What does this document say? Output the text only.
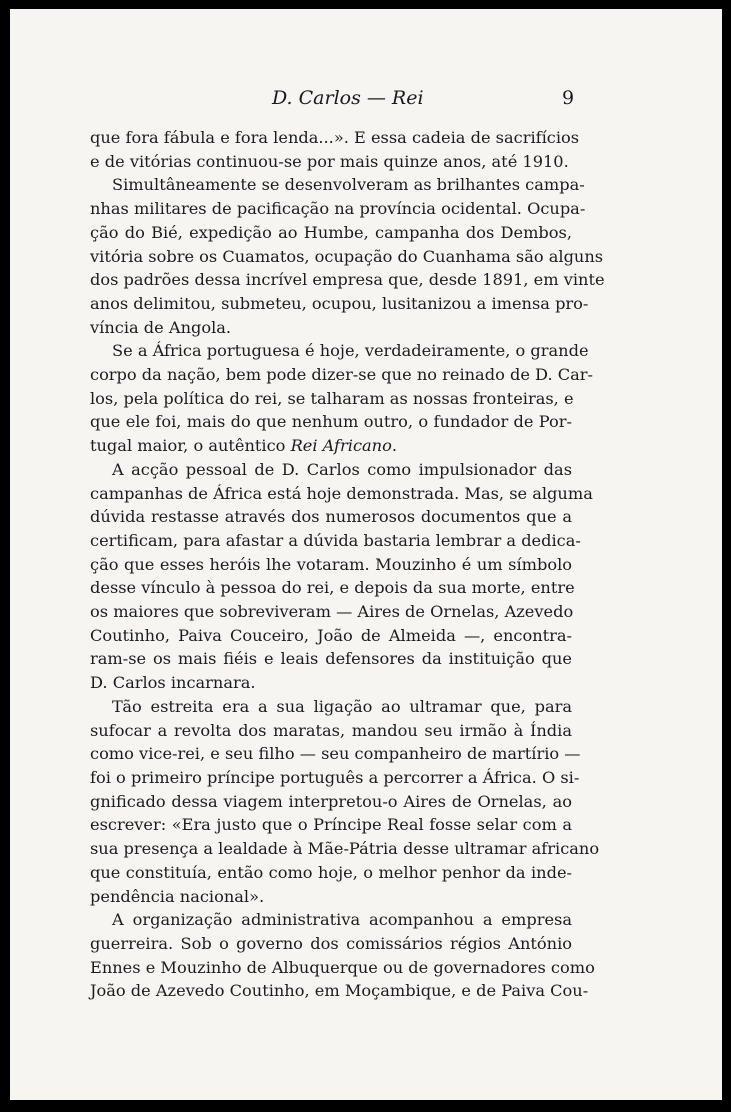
D. Carlos — Rei	9
que fora fábula e fora lenda...». E essa cadeia de sacrifícios
e de vitórias continuou-se por mais quinze anos, até 1910.
Simultâneamente se desenvolveram as brilhantes campa-
nhas militares de pacificação na província ocidental. Ocupa-
ção do Bié, expedição ao Humbe, campanha dos Dembos,
vitória sobre os Cuamatos, ocupação do Cuanhama são alguns
dos padrões dessa incrível empresa que, desde 1891, em vinte
anos delimitou, submeteu, ocupou, lusitanizou a imensa pro-
víncia de Angola.
Se a África portuguesa é hoje, verdadeiramente, o grande
corpo da nação, bem pode dizer-se que no reinado de D. Car-
los, pela política do rei, se talharam as nossas fronteiras, e
que ele foi, mais do que nenhum outro, o fundador de Por-
tugal maior, o autêntico Rei Africano.
A acção pessoal de D. Carlos como impulsionador das
campanhas de África está hoje demonstrada. Mas, se alguma
dúvida restasse através dos numerosos documentos que a
certificam, para afastar a dúvida bastaria lembrar a dedica-
ção que esses heróis lhe votaram. Mouzinho é um símbolo
desse vínculo à pessoa do rei, e depois da sua morte, entre
os maiores que sobreviveram — Aires de Ornelas, Azevedo
Coutinho, Paiva Couceiro, João de Almeida —, encontra-
ram-se os mais fiéis e leais defensores da instituição que
D. Carlos incarnara.
Tão estreita era a sua ligação ao ultramar que, para
sufocar a revolta dos maratas, mandou seu irmão à Índia
como vice-rei, e seu filho — seu companheiro de martírio —
foi o primeiro príncipe português a percorrer a África. O si-
gnificado dessa viagem interpretou-o Aires de Ornelas, ao
escrever: «Era justo que o Príncipe Real fosse selar com a
sua presença a lealdade à Mãe-Pátria desse ultramar africano
que constituía, então como hoje, o melhor penhor da inde-
pendência nacional».
A organização administrativa acompanhou a empresa
guerreira. Sob o governo dos comissários régios António
Ennes e Mouzinho de Albuquerque ou de governadores como
João de Azevedo Coutinho, em Moçambique, e de Paiva Cou-
